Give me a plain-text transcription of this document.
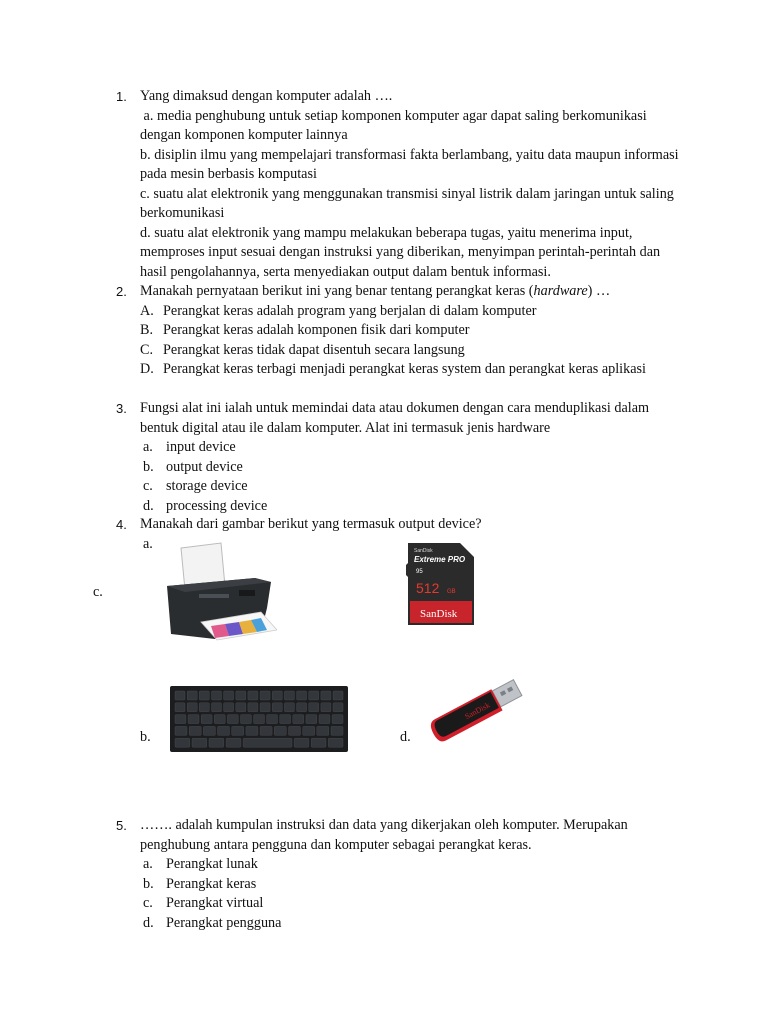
1. Yang dimaksud dengan komputer adalah ….

a. media penghubung untuk setiap komponen komputer agar dapat saling berkomunikasi dengan komponen komputer lainnya

b. disiplin ilmu yang mempelajari transformasi fakta berlambang, yaitu data maupun informasi pada mesin berbasis komputasi

c. suatu alat elektronik yang menggunakan transmisi sinyal listrik dalam jaringan untuk saling berkomunikasi

d. suatu alat elektronik yang mampu melakukan beberapa tugas, yaitu menerima input, memproses input sesuai dengan instruksi yang diberikan, menyimpan perintah-perintah dan hasil pengolahannya, serta menyediakan output dalam bentuk informasi.

2. Manakah pernyataan berikut ini yang benar tentang perangkat keras (hardware) …

A. Perangkat keras adalah program yang berjalan di dalam komputer
B. Perangkat keras adalah komponen fisik dari komputer
C. Perangkat keras tidak dapat disentuh secara langsung
D. Perangkat keras terbagi menjadi perangkat keras system dan perangkat keras aplikasi
3. Fungsi alat ini ialah untuk memindai data atau dokumen dengan cara menduplikasi dalam bentuk digital atau ile dalam komputer. Alat ini termasuk jenis hardware

a. input device
b. output device
c. storage device
d. processing device
4. Manakah dari gambar berikut yang termasuk output device?

a.
c.
b.	d.
SanDisk
Extreme PRO
95
512 GB
SanDisk
SanDisk
5. ……. adalah kumpulan instruksi dan data yang dikerjakan oleh komputer. Merupakan penghubung antara pengguna dan komputer sebagai perangkat keras.

a. Perangkat lunak
b. Perangkat keras
c. Perangkat virtual
d. Perangkat pengguna
